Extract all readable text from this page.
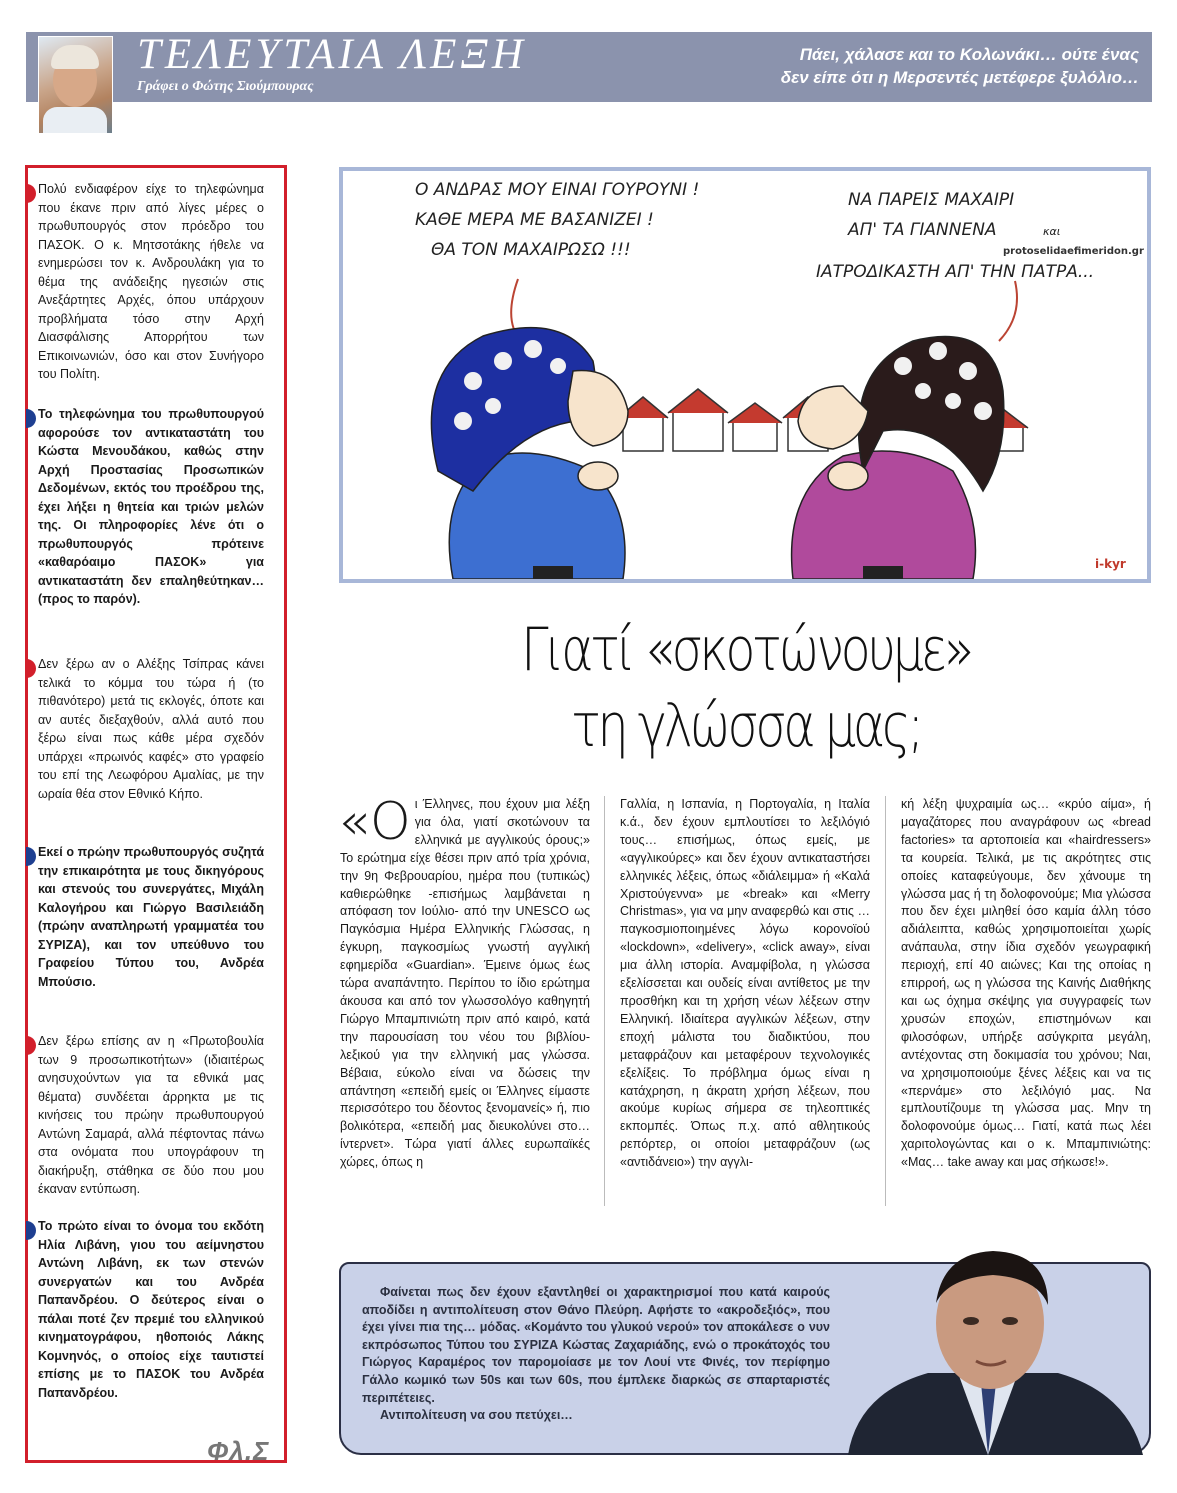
ΤΕΛΕΥΤΑΙΑ ΛΕΞΗ
Γράφει ο Φώτης Σιούμπουρας
Πάει, χάλασε και το Κολωνάκι… ούτε ένας
δεν είπε ότι η Μερσεντές μετέφερε ξυλόλιο…
Πολύ ενδιαφέρον είχε το τηλεφώνημα που έκανε πριν από λίγες μέρες ο πρωθυπουργός στον πρόεδρο του ΠΑΣΟΚ. Ο κ. Μητσοτάκης ήθελε να ενημερώσει τον κ. Ανδρουλάκη για το θέμα της ανάδειξης ηγεσιών στις Ανεξάρτητες Αρχές, όπου υπάρχουν προβλήματα τόσο στην Αρχή Διασφάλισης Απορρήτου των Επικοινωνιών, όσο και στον Συνήγορο του Πολίτη.
Το τηλεφώνημα του πρωθυπουργού αφορούσε τον αντικαταστάτη του Κώστα Μενουδάκου, καθώς στην Αρχή Προστασίας Προσωπικών Δεδομένων, εκτός του προέδρου της, έχει λήξει η θητεία και τριών μελών της. Οι πληροφορίες λένε ότι ο πρωθυπουργός πρότεινε «καθαρόαιμο ΠΑΣΟΚ» για αντικαταστάτη δεν επαληθεύτηκαν… (προς το παρόν).
Δεν ξέρω αν ο Αλέξης Τσίπρας κάνει τελικά το κόμμα του τώρα ή (το πιθανότερο) μετά τις εκλογές, όποτε και αν αυτές διεξαχθούν, αλλά αυτό που ξέρω είναι πως κάθε μέρα σχεδόν υπάρχει «πρωινός καφές» στο γραφείο του επί της Λεωφόρου Αμαλίας, με την ωραία θέα στον Εθνικό Κήπο.
Εκεί ο πρώην πρωθυπουργός συζητά την επικαιρότητα με τους δικηγόρους και στενούς του συνεργάτες, Μιχάλη Καλογήρου και Γιώργο Βασιλειάδη (πρώην αναπληρωτή γραμματέα του ΣΥΡΙΖΑ), και τον υπεύθυνο του Γραφείου Τύπου του, Ανδρέα Μπούσιο.
Δεν ξέρω επίσης αν η «Πρωτοβουλία των 9 προσωπικοτήτων» (ιδιαιτέρως ανησυχούντων για τα εθνικά μας θέματα) συνδέεται άρρηκτα με τις κινήσεις του πρώην πρωθυπουργού Αντώνη Σαμαρά, αλλά πέφτοντας πάνω στα ονόματα που υπογράφουν τη διακήρυξη, στάθηκα σε δύο που μου έκαναν εντύπωση.
Το πρώτο είναι το όνομα του εκδότη Ηλία Λιβάνη, γιου του αείμνηστου Αντώνη Λιβάνη, εκ των στενών συνεργατών και του Ανδρέα Παπανδρέου. Ο δεύτερος είναι ο πάλαι ποτέ ζεν πρεμιέ του ελληνικού κινηματογράφου, ηθοποιός Λάκης Κομνηνός, ο οποίος είχε ταυτιστεί επίσης με το ΠΑΣΟΚ του Ανδρέα Παπανδρέου.
Φλ.Σ
Ο ΑΝΔΡΑΣ ΜΟΥ ΕΙΝΑΙ ΓΟΥΡΟΥΝΙ !
ΚΑΘΕ ΜΕΡΑ ΜΕ ΒΑΣΑΝΙΖΕΙ !
ΘΑ ΤΟΝ ΜΑΧΑΙΡΩΣΩ !!!
ΝΑ ΠΑΡΕΙΣ ΜΑΧΑΙΡΙ
ΑΠ' ΤΑ ΓΙΑΝΝΕΝΑ	και
ΙΑΤΡΟΔΙΚΑΣΤΗ ΑΠ' ΤΗΝ ΠΑΤΡΑ...
protoselidaefimeridon.gr
i-kyr
Γιατί «σκοτώνουμε»
τη γλώσσα μας;
«Οι Έλληνες, που έχουν μια λέξη για όλα, γιατί σκοτώνουν τα ελληνικά με αγγλικούς όρους;» Το ερώτημα είχε θέσει πριν από τρία χρόνια, την 9η Φεβρουαρίου, ημέρα που (τυπικώς) καθιερώθηκε -επισήμως λαμβάνεται η απόφαση τον Ιούλιο- από την UNESCO ως Παγκόσμια Ημέρα Ελληνικής Γλώσσας, η έγκυρη, παγκοσμίως γνωστή αγγλική εφημερίδα «Guardian». Έμεινε όμως έως τώρα αναπάντητο. Περίπου το ίδιο ερώτημα άκουσα και από τον γλωσσολόγο καθηγητή Γιώργο Μπαμπινιώτη πριν από καιρό, κατά την παρουσίαση του νέου του βιβλίου-λεξικού για την ελληνική μας γλώσσα. Βέβαια, εύκολο είναι να δώσεις την απάντηση «επειδή εμείς οι Έλληνες είμαστε περισσότερο του δέοντος ξενομανείς» ή, πιο βολικότερα, «επειδή μας διευκολύνει στο… ίντερνετ». Τώρα γιατί άλλες ευρωπαϊκές χώρες, όπως η
Γαλλία, η Ισπανία, η Πορτογαλία, η Ιταλία κ.ά., δεν έχουν εμπλουτίσει το λεξιλόγιό τους… επισήμως, όπως εμείς, με «αγγλικούρες» και δεν έχουν αντικαταστήσει ελληνικές λέξεις, όπως «διάλειμμα» ή «Καλά Χριστούγεννα» με «break» και «Merry Christmas», για να μην αναφερθώ και στις … παγκοσμιοποιημένες λόγω κορονοϊού «lockdown», «delivery», «click away», είναι μια άλλη ιστορία. Αναμφίβολα, η γλώσσα εξελίσσεται και ουδείς είναι αντίθετος με την προσθήκη και τη χρήση νέων λέξεων στην Ελληνική. Ιδιαίτερα αγγλικών λέξεων, στην εποχή μάλιστα του διαδικτύου, που μεταφράζουν και μεταφέρουν τεχνολογικές εξελίξεις. Το πρόβλημα όμως είναι η κατάχρηση, η άκρατη χρήση λέξεων, που ακούμε κυρίως σήμερα σε τηλεοπτικές εκπομπές. Όπως π.χ. από αθλητικούς ρεπόρτερ, οι οποίοι μεταφράζουν (ως «αντιδάνειο») την αγγλι-
κή λέξη ψυχραιμία ως… «κρύο αίμα», ή μαγαζάτορες που αναγράφουν ως «bread factories» τα αρτοποιεία και «hairdressers» τα κουρεία. Τελικά, με τις ακρότητες στις οποίες καταφεύγουμε, δεν χάνουμε τη γλώσσα μας ή τη δολοφονούμε; Μια γλώσσα που δεν έχει μιληθεί όσο καμία άλλη τόσο αδιάλειπτα, καθώς χρησιμοποιείται χωρίς ανάπαυλα, στην ίδια σχεδόν γεωγραφική περιοχή, επί 40 αιώνες; Και της οποίας η επιρροή, ως η γλώσσα της Καινής Διαθήκης και ως όχημα σκέψης για συγγραφείς των χρυσών εποχών, επιστημόνων και φιλοσόφων, υπήρξε ασύγκριτα μεγάλη, αντέχοντας στη δοκιμασία του χρόνου; Ναι, να χρησιμοποιούμε ξένες λέξεις και να τις «περνάμε» στο λεξιλόγιό μας. Να εμπλουτίζουμε τη γλώσσα μας. Μην τη δολοφονούμε όμως… Γιατί, κατά πως λέει χαριτολογώντας και ο κ. Μπαμπινιώτης: «Μας… take away και μας σήκωσε!».
Φαίνεται πως δεν έχουν εξαντληθεί οι χαρακτηρισμοί που κατά καιρούς αποδίδει η αντιπολίτευση στον Θάνο Πλεύρη. Αφήστε το «ακροδεξιός», που έχει γίνει πια της… μόδας. «Κομάντο του γλυκού νερού» τον αποκάλεσε ο νυν εκπρόσωπος Τύπου του ΣΥΡΙΖΑ Κώστας Ζαχαριάδης, ενώ ο προκάτοχός του Γιώργος Καραμέρος τον παρομοίασε με τον Λουί ντε Φινές, τον περίφημο Γάλλο κωμικό των 50s και των 60s, που έμπλεκε διαρκώς σε σπαρταριστές περιπέτειες.
Αντιπολίτευση να σου πετύχει…
